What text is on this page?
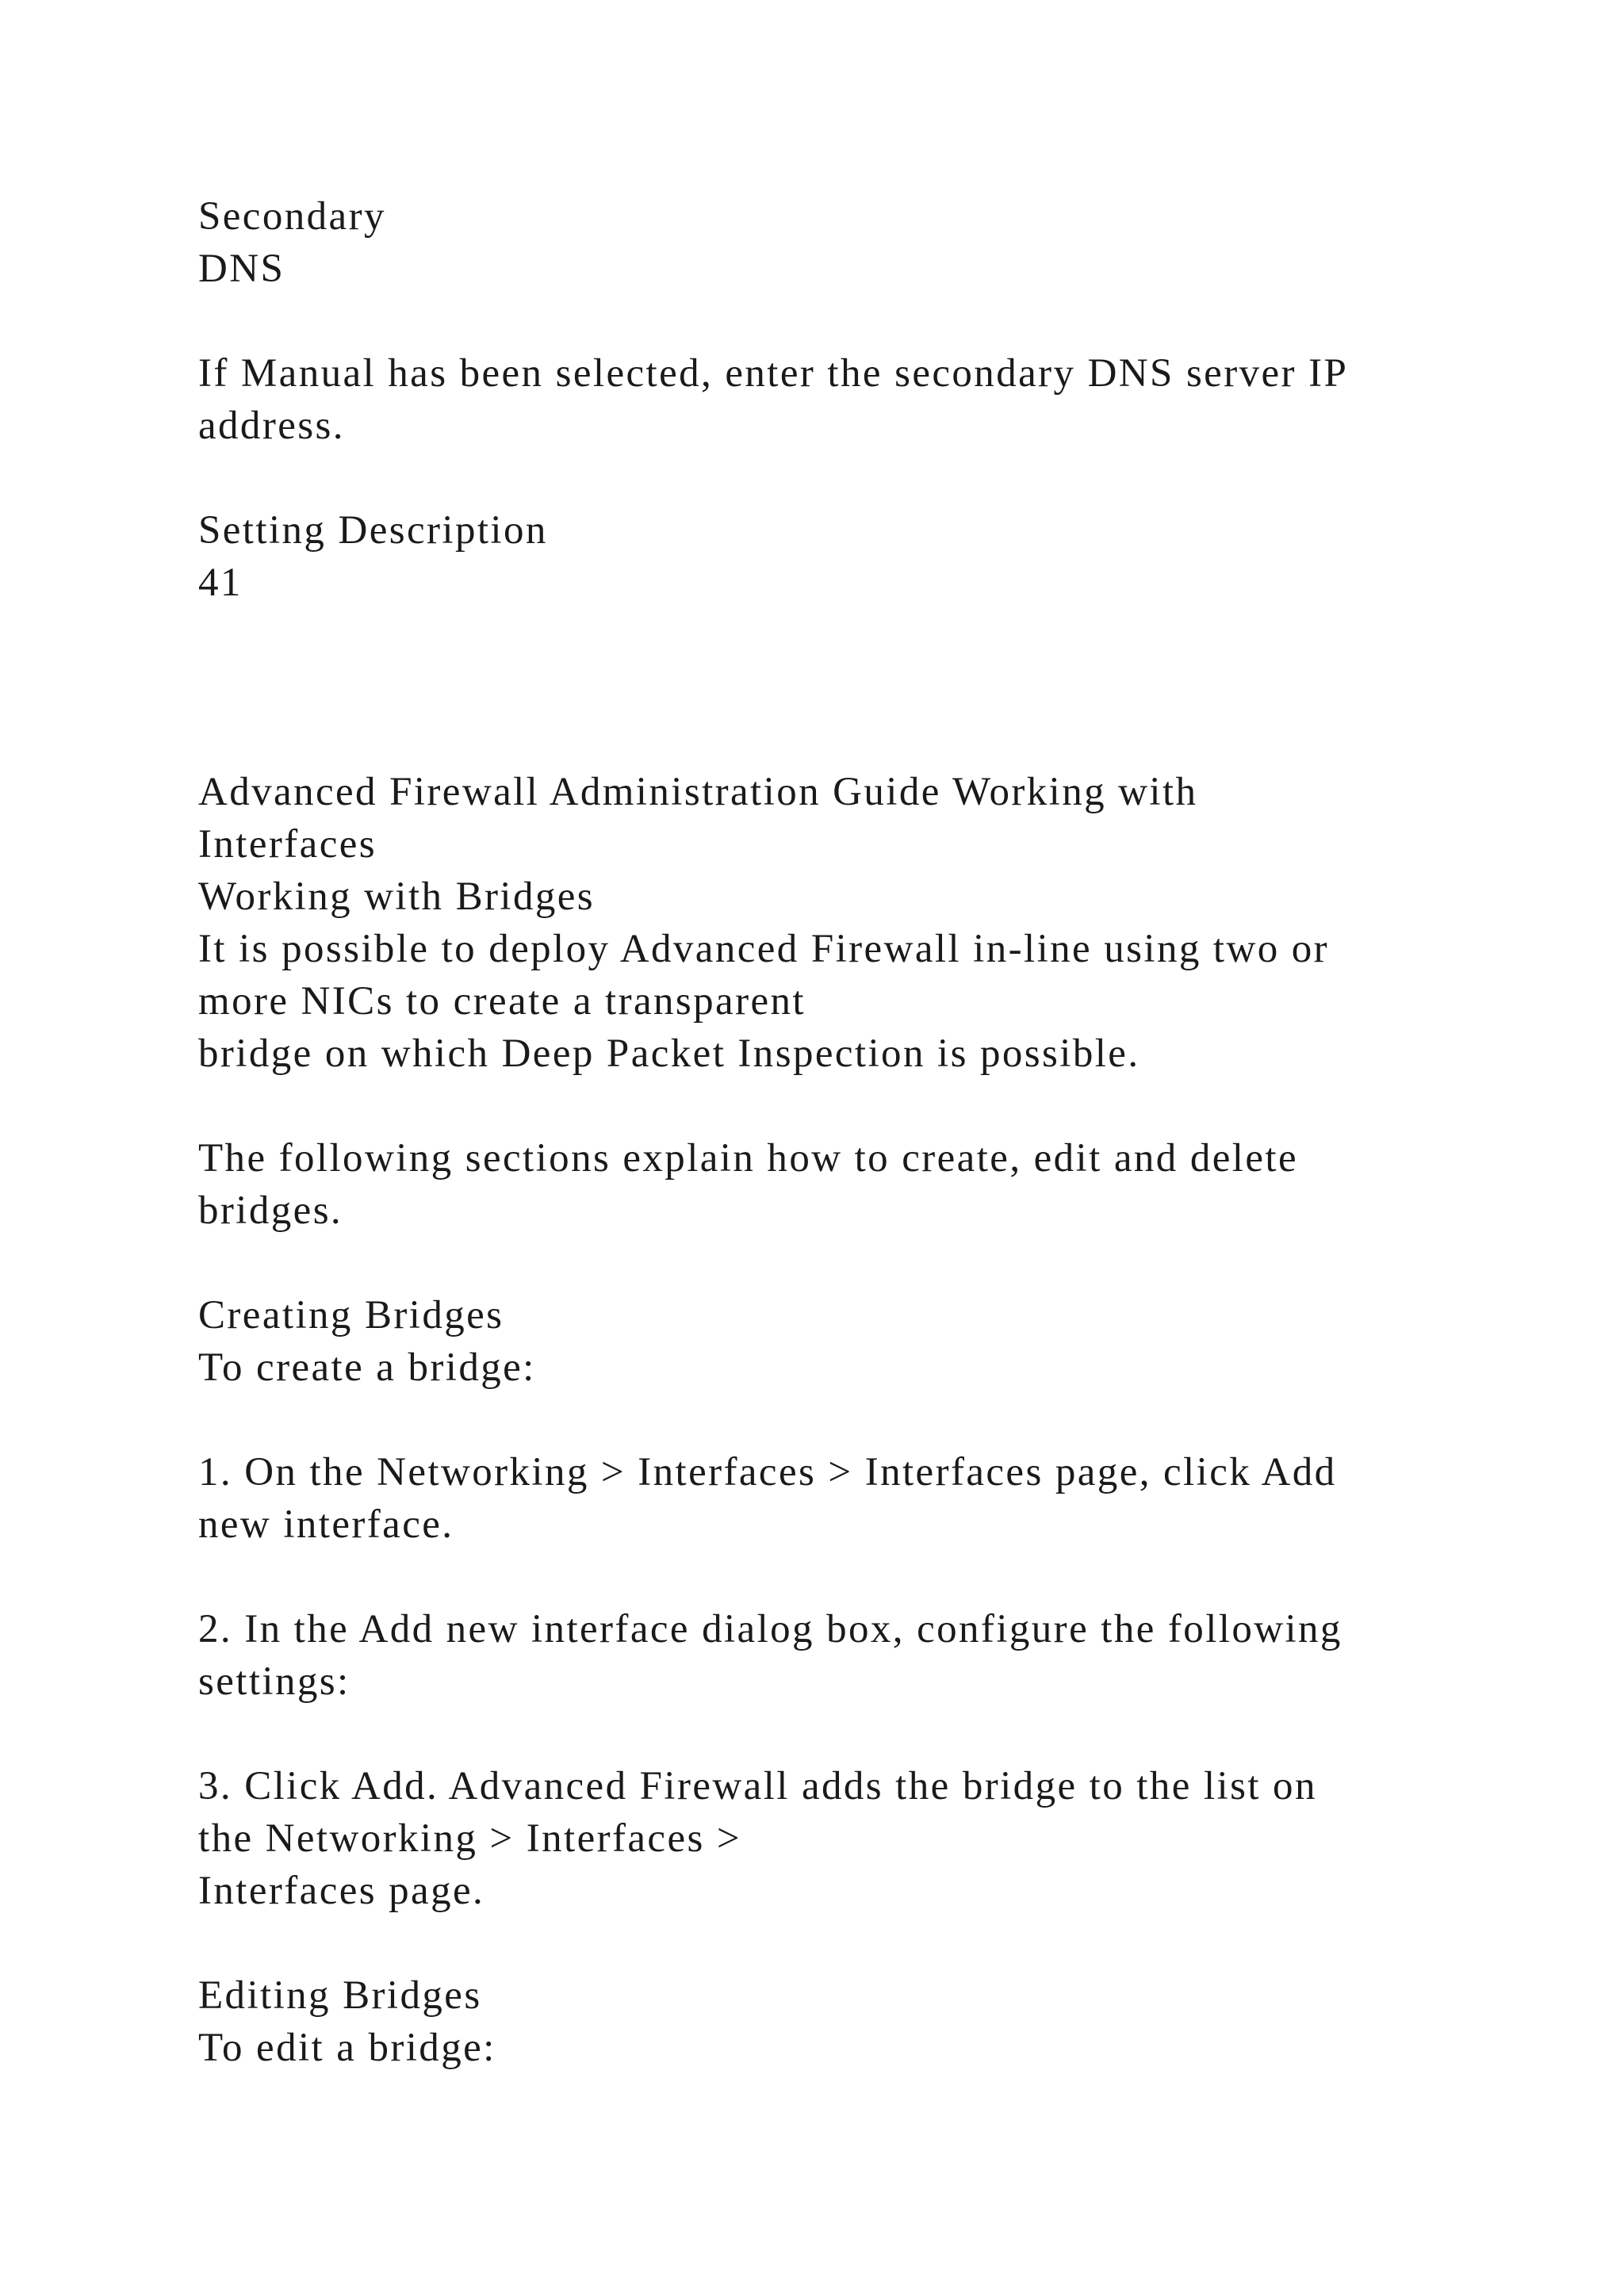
Secondary
DNS
If Manual has been selected, enter the secondary DNS server IP
address.
Setting Description
41
Advanced Firewall Administration Guide Working with
Interfaces
Working with Bridges
It is possible to deploy Advanced Firewall in-line using two or
more NICs to create a transparent
bridge on which Deep Packet Inspection is possible.
The following sections explain how to create, edit and delete
bridges.
Creating Bridges
To create a bridge:
1. On the Networking > Interfaces > Interfaces page, click Add
new interface.
2. In the Add new interface dialog box, configure the following
settings:
3. Click Add. Advanced Firewall adds the bridge to the list on
the Networking > Interfaces >
Interfaces page.
Editing Bridges
To edit a bridge:
